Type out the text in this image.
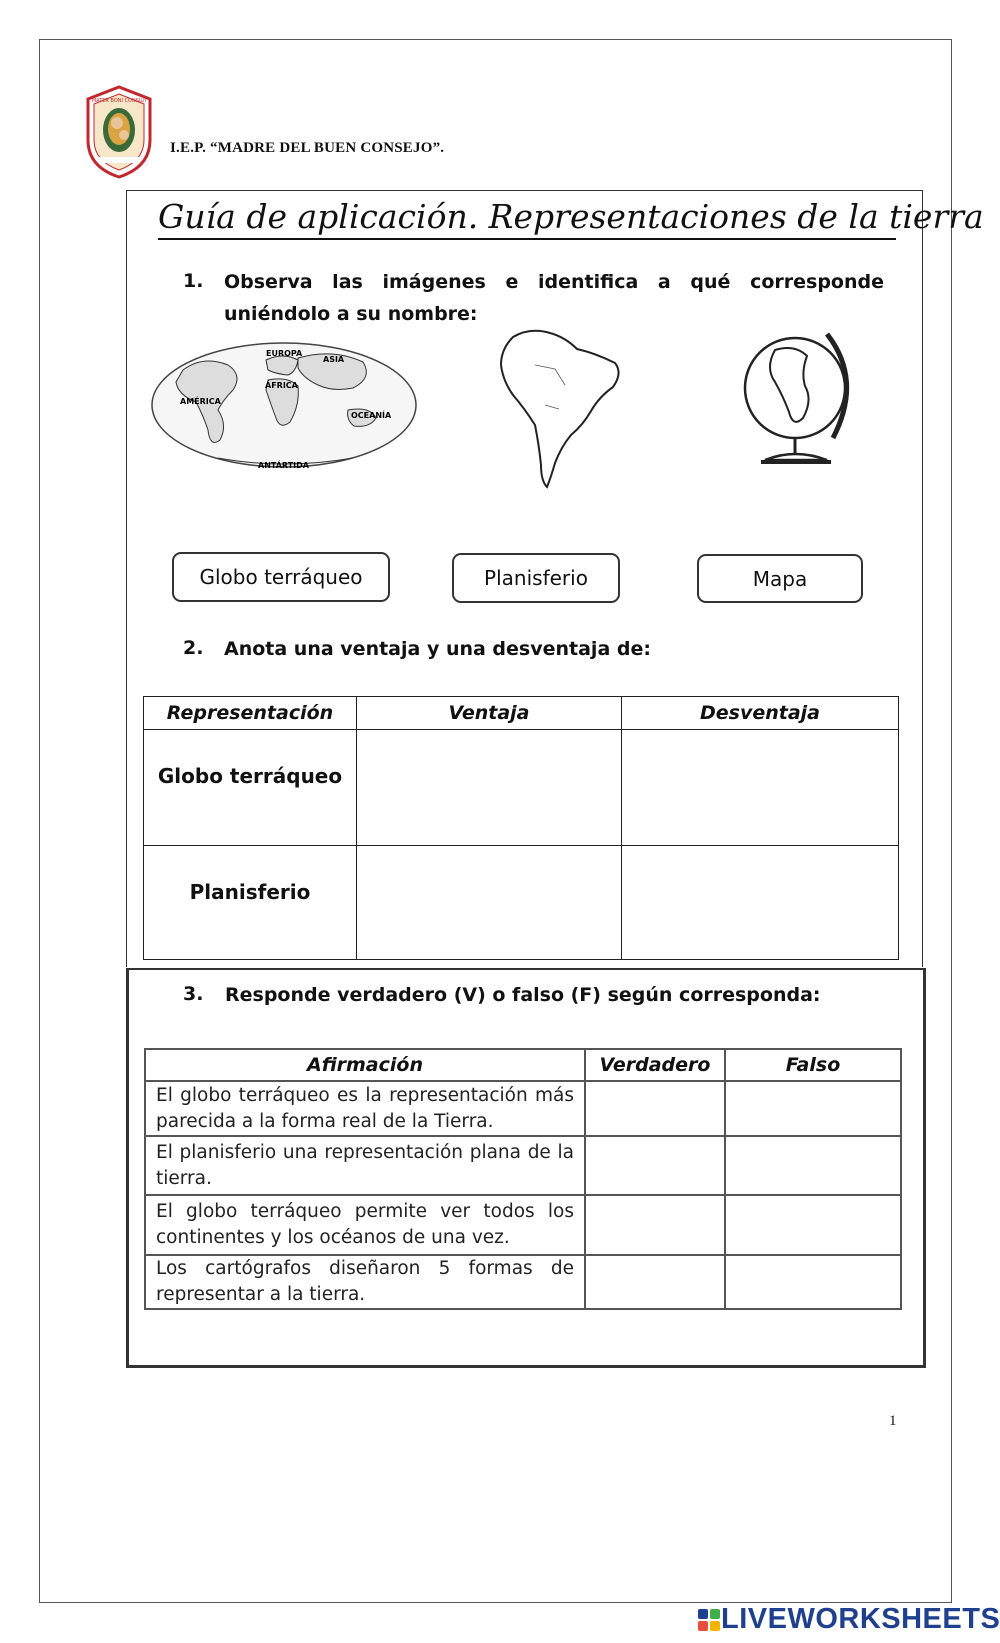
MATER BONI CONSILII
I.E.P. “MADRE DEL BUEN CONSEJO”.
Guía de aplicación. Representaciones de la tierra
1. Observa las imágenes e identifica a qué corresponde uniéndolo a su nombre:
EUROPA
ASIA
ÁFRICA
AMÉRICA
OCEANÍA
ANTÁRTIDA
Globo terráqueo	Planisferio	Mapa
2. Anota una ventaja y una desventaja de:
Representación	Ventaja	Desventaja
Globo terráqueo		
Planisferio		
3. Responde verdadero (V) o falso (F) según corresponda:
Afirmación	Verdadero	Falso
El globo terráqueo es la representación más parecida a la forma real de la Tierra.		
El planisferio una representación plana de la tierra.		
El globo terráqueo permite ver todos los continentes y los océanos de una vez.		
Los cartógrafos diseñaron 5 formas de representar a la tierra.		
1
LIVEWORKSHEETS
